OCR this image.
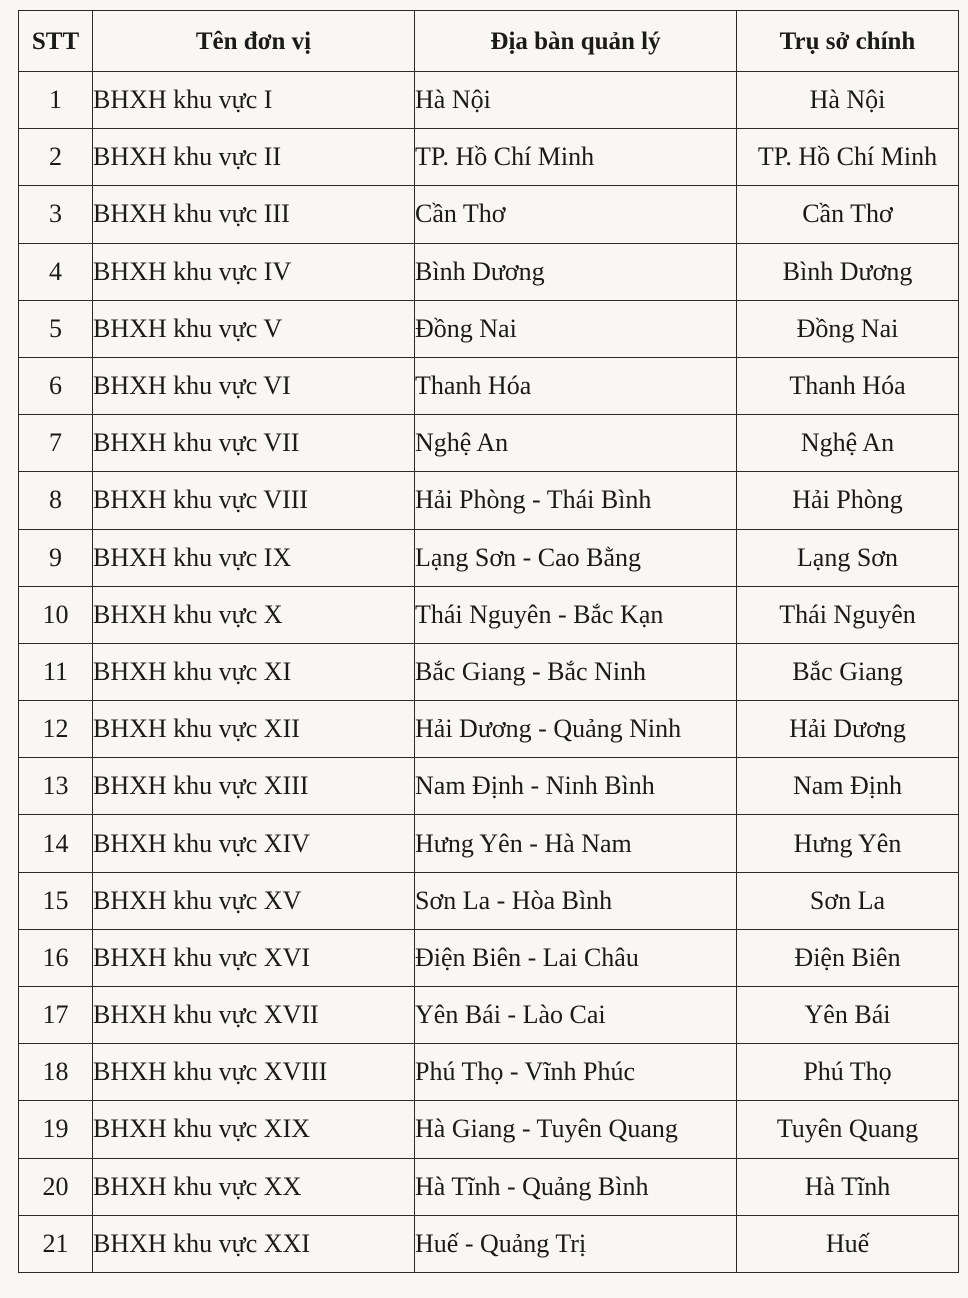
STT	Tên đơn vị	Địa bàn quản lý	Trụ sở chính
1	BHXH khu vực I	Hà Nội	Hà Nội
2	BHXH khu vực II	TP. Hồ Chí Minh	TP. Hồ Chí Minh
3	BHXH khu vực III	Cần Thơ	Cần Thơ
4	BHXH khu vực IV	Bình Dương	Bình Dương
5	BHXH khu vực V	Đồng Nai	Đồng Nai
6	BHXH khu vực VI	Thanh Hóa	Thanh Hóa
7	BHXH khu vực VII	Nghệ An	Nghệ An
8	BHXH khu vực VIII	Hải Phòng - Thái Bình	Hải Phòng
9	BHXH khu vực IX	Lạng Sơn - Cao Bằng	Lạng Sơn
10	BHXH khu vực X	Thái Nguyên - Bắc Kạn	Thái Nguyên
11	BHXH khu vực XI	Bắc Giang - Bắc Ninh	Bắc Giang
12	BHXH khu vực XII	Hải Dương - Quảng Ninh	Hải Dương
13	BHXH khu vực XIII	Nam Định - Ninh Bình	Nam Định
14	BHXH khu vực XIV	Hưng Yên - Hà Nam	Hưng Yên
15	BHXH khu vực XV	Sơn La - Hòa Bình	Sơn La
16	BHXH khu vực XVI	Điện Biên - Lai Châu	Điện Biên
17	BHXH khu vực XVII	Yên Bái - Lào Cai	Yên Bái
18	BHXH khu vực XVIII	Phú Thọ - Vĩnh Phúc	Phú Thọ
19	BHXH khu vực XIX	Hà Giang - Tuyên Quang	Tuyên Quang
20	BHXH khu vực XX	Hà Tĩnh - Quảng Bình	Hà Tĩnh
21	BHXH khu vực XXI	Huế - Quảng Trị	Huế
